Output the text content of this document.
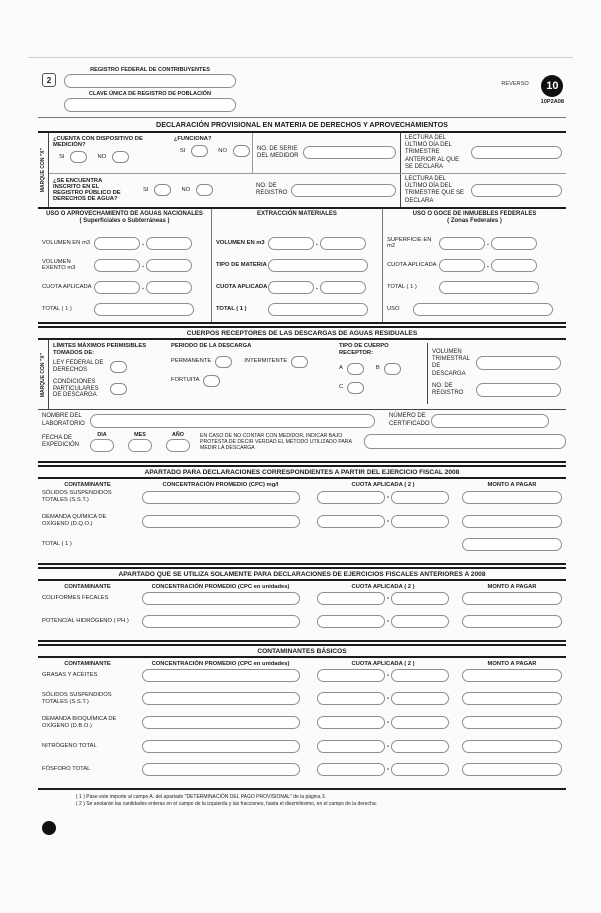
2
REGISTRO FEDERAL DE CONTRIBUYENTES
CLAVE ÚNICA DE REGISTRO DE POBLACIÓN
REVERSO	10
10P2A08
DECLARACIÓN PROVISIONAL EN MATERIA DE DERECHOS Y APROVECHAMIENTOS
MARQUE CON "X"
¿CUENTA CON DISPOSITIVO DE MEDICIÓN?
SI	NO
¿FUNCIONA?
SI	NO	NO. DE SERIE DEL MEDIDOR
LECTURA DEL ÚLTIMO DÍA DEL TRIMESTRE ANTERIOR AL QUE SE DECLARA
¿SE ENCUENTRA INSCRITO EN EL REGISTRO PÚBLICO DE DERECHOS DE AGUA?
SI	NO
NO. DE REGISTRO
LECTURA DEL ÚLTIMO DÍA DEL TRIMESTRE QUE SE DECLARA
USO O APROVECHAMIENTO DE AGUAS NACIONALES
( Superficiales o Subterráneas )
VOLUMEN EN m3	.
VOLUMEN EXENTO m3	.
CUOTA APLICADA	.
TOTAL ( 1 )
EXTRACCIÓN MATERIALES
VOLUMEN EN m3	.
TIPO DE MATERIA
CUOTA APLICADA	.
TOTAL ( 1 )
USO O GOCE DE INMUEBLES FEDERALES
( Zonas Federales )
SUPERFICIE EN m2	.
CUOTA APLICADA	.
TOTAL ( 1 )
USO
CUERPOS RECEPTORES DE LAS DESCARGAS DE AGUAS RESIDUALES
MARQUE CON "X"
LÍMITES MÁXIMOS PERMISIBLES TOMADOS DE:
LEY FEDERAL DE DERECHOS
CONDICIONES PARTICULARES DE DESCARGA
PERIODO DE LA DESCARGA
PERMANENTE	INTERMITENTE
FORTUITA
TIPO DE CUERPO RECEPTOR:
A	B
C
VOLUMEN TRIMESTRAL DE DESCARGA
NO. DE REGISTRO
NOMBRE DEL LABORATORIO
NÚMERO DE CERTIFICADO
FECHA DE EXPEDICIÓN
DIA	MES	AÑO	EN CASO DE NO CONTAR CON MEDIDOR, INDICAR BAJO PROTESTA DE DECIR VERDAD EL MÉTODO UTILIZADO PARA MEDIR LA DESCARGA
APARTADO PARA DECLARACIONES CORRESPONDIENTES A PARTIR DEL EJERCICIO FISCAL 2008
CONTAMINANTE	CONCENTRACIÓN PROMEDIO (CPC) mg/l	CUOTA APLICADA ( 2 )	MONTO A PAGAR
SÓLIDOS SUSPENDIDOS TOTALES (S.S.T.)	-
DEMANDA QUÍMICA DE OXÍGENO (D.Q.O.)	-
TOTAL ( 1 )
APARTADO QUE SE UTILIZA SOLAMENTE PARA DECLARACIONES DE EJERCICIOS FISCALES ANTERIORES A 2008
CONTAMINANTE	CONCENTRACIÓN PROMEDIO (CPC en unidades)	CUOTA APLICADA ( 2 )	MONTO A PAGAR
COLIFORMES FECALES	-
POTENCIAL HIDRÓGENO ( PH )	-
CONTAMINANTES BÁSICOS
CONTAMINANTE	CONCENTRACIÓN PROMEDIO (CPC en unidades)	CUOTA APLICADA ( 2 )	MONTO A PAGAR
GRASAS Y ACEITES	-
SÓLIDOS SUSPENDIDOS TOTALES (S.S.T.)	-
DEMANDA BIOQUÍMICA DE OXÍGENO (D.B.O.)	-
NITRÓGENO TOTAL	-
FÓSFORO TOTAL	-
( 1 ) Pase este importe al campo A. del apartado "DETERMINACIÓN DEL PAGO PROVISIONAL" de la página 3.
( 2 ) Se anotarán las cantidades enteras en el campo de la izquierda y las fracciones, hasta el diezmilésimo, en el campo de la derecha.
